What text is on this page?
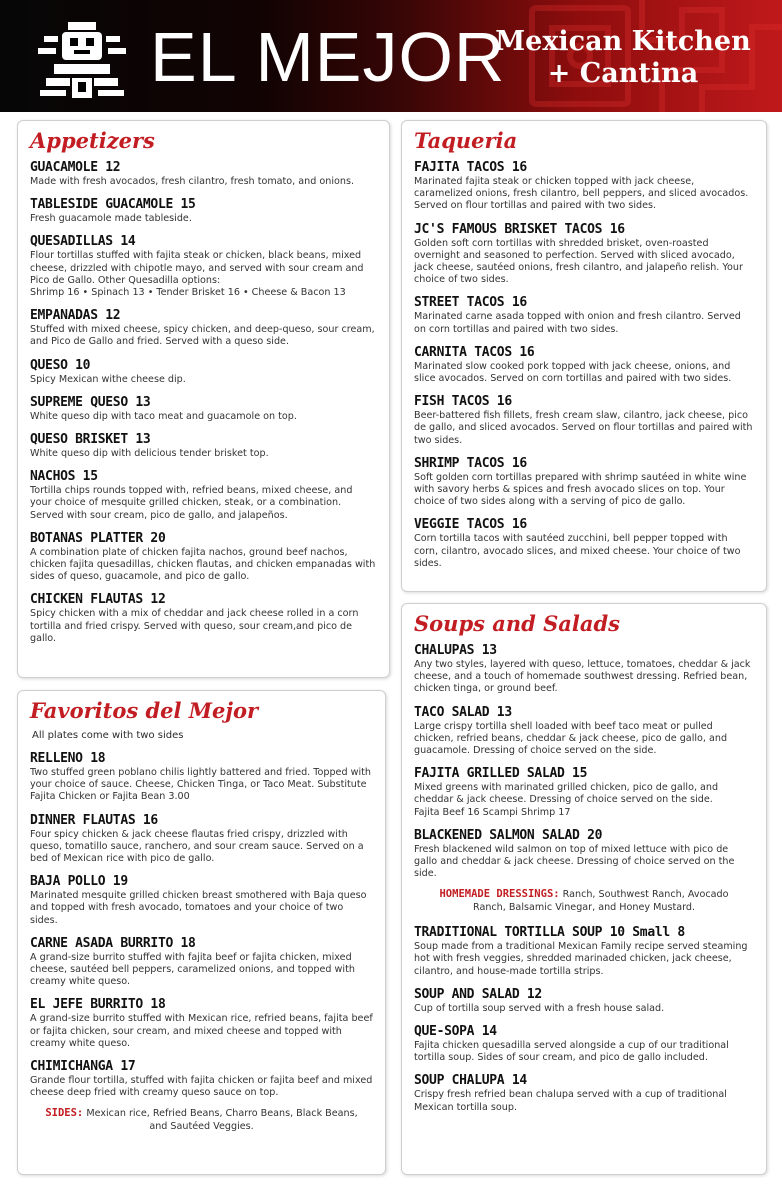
EL MEJOR
Mexican Kitchen
+ Cantina
Appetizers
GUACAMOLE 12
Made with fresh avocados, fresh cilantro, fresh tomato, and onions.
TABLESIDE GUACAMOLE 15
Fresh guacamole made tableside.
QUESADILLAS 14
Flour tortillas stuffed with fajita steak or chicken, black beans, mixed cheese, drizzled with chipotle mayo, and served with sour cream and Pico de Gallo. Other Quesadilla options:
Shrimp 16 • Spinach 13 • Tender Brisket 16 • Cheese & Bacon 13
EMPANADAS 12
Stuffed with mixed cheese, spicy chicken, and deep-queso, sour cream, and Pico de Gallo and fried. Served with a queso side.
QUESO 10
Spicy Mexican withe cheese dip.
SUPREME QUESO 13
White queso dip with taco meat and guacamole on top.
QUESO BRISKET 13
White queso dip with delicious tender brisket top.
NACHOS 15
Tortilla chips rounds topped with, refried beans, mixed cheese, and your choice of mesquite grilled chicken, steak, or a combination. Served with sour cream, pico de gallo, and jalapeños.
BOTANAS PLATTER 20
A combination plate of chicken fajita nachos, ground beef nachos, chicken fajita quesadillas, chicken flautas, and chicken empanadas with sides of queso, guacamole, and pico de gallo.
CHICKEN FLAUTAS 12
Spicy chicken with a mix of cheddar and jack cheese rolled in a corn tortilla and fried crispy. Served with queso, sour cream,and pico de gallo.
Favoritos del Mejor
All plates come with two sides
RELLENO 18
Two stuffed green poblano chilis lightly battered and fried. Topped with your choice of sauce. Cheese, Chicken Tinga, or Taco Meat. Substitute Fajita Chicken or Fajita Bean 3.00
DINNER FLAUTAS 16
Four spicy chicken & jack cheese flautas fried crispy, drizzled with queso, tomatillo sauce, ranchero, and sour cream sauce. Served on a bed of Mexican rice with pico de gallo.
BAJA POLLO 19
Marinated mesquite grilled chicken breast smothered with Baja queso and topped with fresh avocado, tomatoes and your choice of two sides.
CARNE ASADA BURRITO 18
A grand-size burrito stuffed with fajita beef or fajita chicken, mixed cheese, sautéed bell peppers, caramelized onions, and topped with creamy white queso.
EL JEFE BURRITO 18
A grand-size burrito stuffed with Mexican rice, refried beans, fajita beef or fajita chicken, sour cream, and mixed cheese and topped with creamy white queso.
CHIMICHANGA 17
Grande flour tortilla, stuffed with fajita chicken or fajita beef and mixed cheese deep fried with creamy queso sauce on top.
SIDES: Mexican rice, Refried Beans, Charro Beans, Black Beans,
and Sautéed Veggies.
Taqueria
FAJITA TACOS 16
Marinated fajita steak or chicken topped with jack cheese, caramelized onions, fresh cilantro, bell peppers, and sliced avocados. Served on flour tortillas and paired with two sides.
JC'S FAMOUS BRISKET TACOS 16
Golden soft corn tortillas with shredded brisket, oven-roasted overnight and seasoned to perfection. Served with sliced avocado, jack cheese, sautéed onions, fresh cilantro, and jalapeño relish. Your choice of two sides.
STREET TACOS 16
Marinated carne asada topped with onion and fresh cilantro. Served on corn tortillas and paired with two sides.
CARNITA TACOS 16
Marinated slow cooked pork topped with jack cheese, onions, and slice avocados. Served on corn tortillas and paired with two sides.
FISH TACOS 16
Beer-battered fish fillets, fresh cream slaw, cilantro, jack cheese, pico de gallo, and sliced avocados. Served on flour tortillas and paired with two sides.
SHRIMP TACOS 16
Soft golden corn tortillas prepared with shrimp sautéed in white wine with savory herbs & spices and fresh avocado slices on top. Your choice of two sides along with a serving of pico de gallo.
VEGGIE TACOS 16
Corn tortilla tacos with sautéed zucchini, bell pepper topped with corn, cilantro, avocado slices, and mixed cheese. Your choice of two sides.
Soups and Salads
CHALUPAS 13
Any two styles, layered with queso, lettuce, tomatoes, cheddar & jack cheese, and a touch of homemade southwest dressing. Refried bean, chicken tinga, or ground beef.
TACO SALAD 13
Large crispy tortilla shell loaded with beef taco meat or pulled chicken, refried beans, cheddar & jack cheese, pico de gallo, and guacamole. Dressing of choice served on the side.
FAJITA GRILLED SALAD 15
Mixed greens with marinated grilled chicken, pico de gallo, and cheddar & jack cheese. Dressing of choice served on the side.
Fajita Beef 16 Scampi Shrimp 17
BLACKENED SALMON SALAD 20
Fresh blackened wild salmon on top of mixed lettuce with pico de gallo and cheddar & jack cheese. Dressing of choice served on the side.
HOMEMADE DRESSINGS: Ranch, Southwest Ranch, Avocado
Ranch, Balsamic Vinegar, and Honey Mustard.
TRADITIONAL TORTILLA SOUP 10 Small 8
Soup made from a traditional Mexican Family recipe served steaming hot with fresh veggies, shredded marinaded chicken, jack cheese, cilantro, and house-made tortilla strips.
SOUP AND SALAD 12
Cup of tortilla soup served with a fresh house salad.
QUE-SOPA 14
Fajita chicken quesadilla served alongside a cup of our traditional tortilla soup. Sides of sour cream, and pico de gallo included.
SOUP CHALUPA 14
Crispy fresh refried bean chalupa served with a cup of traditional Mexican tortilla soup.
